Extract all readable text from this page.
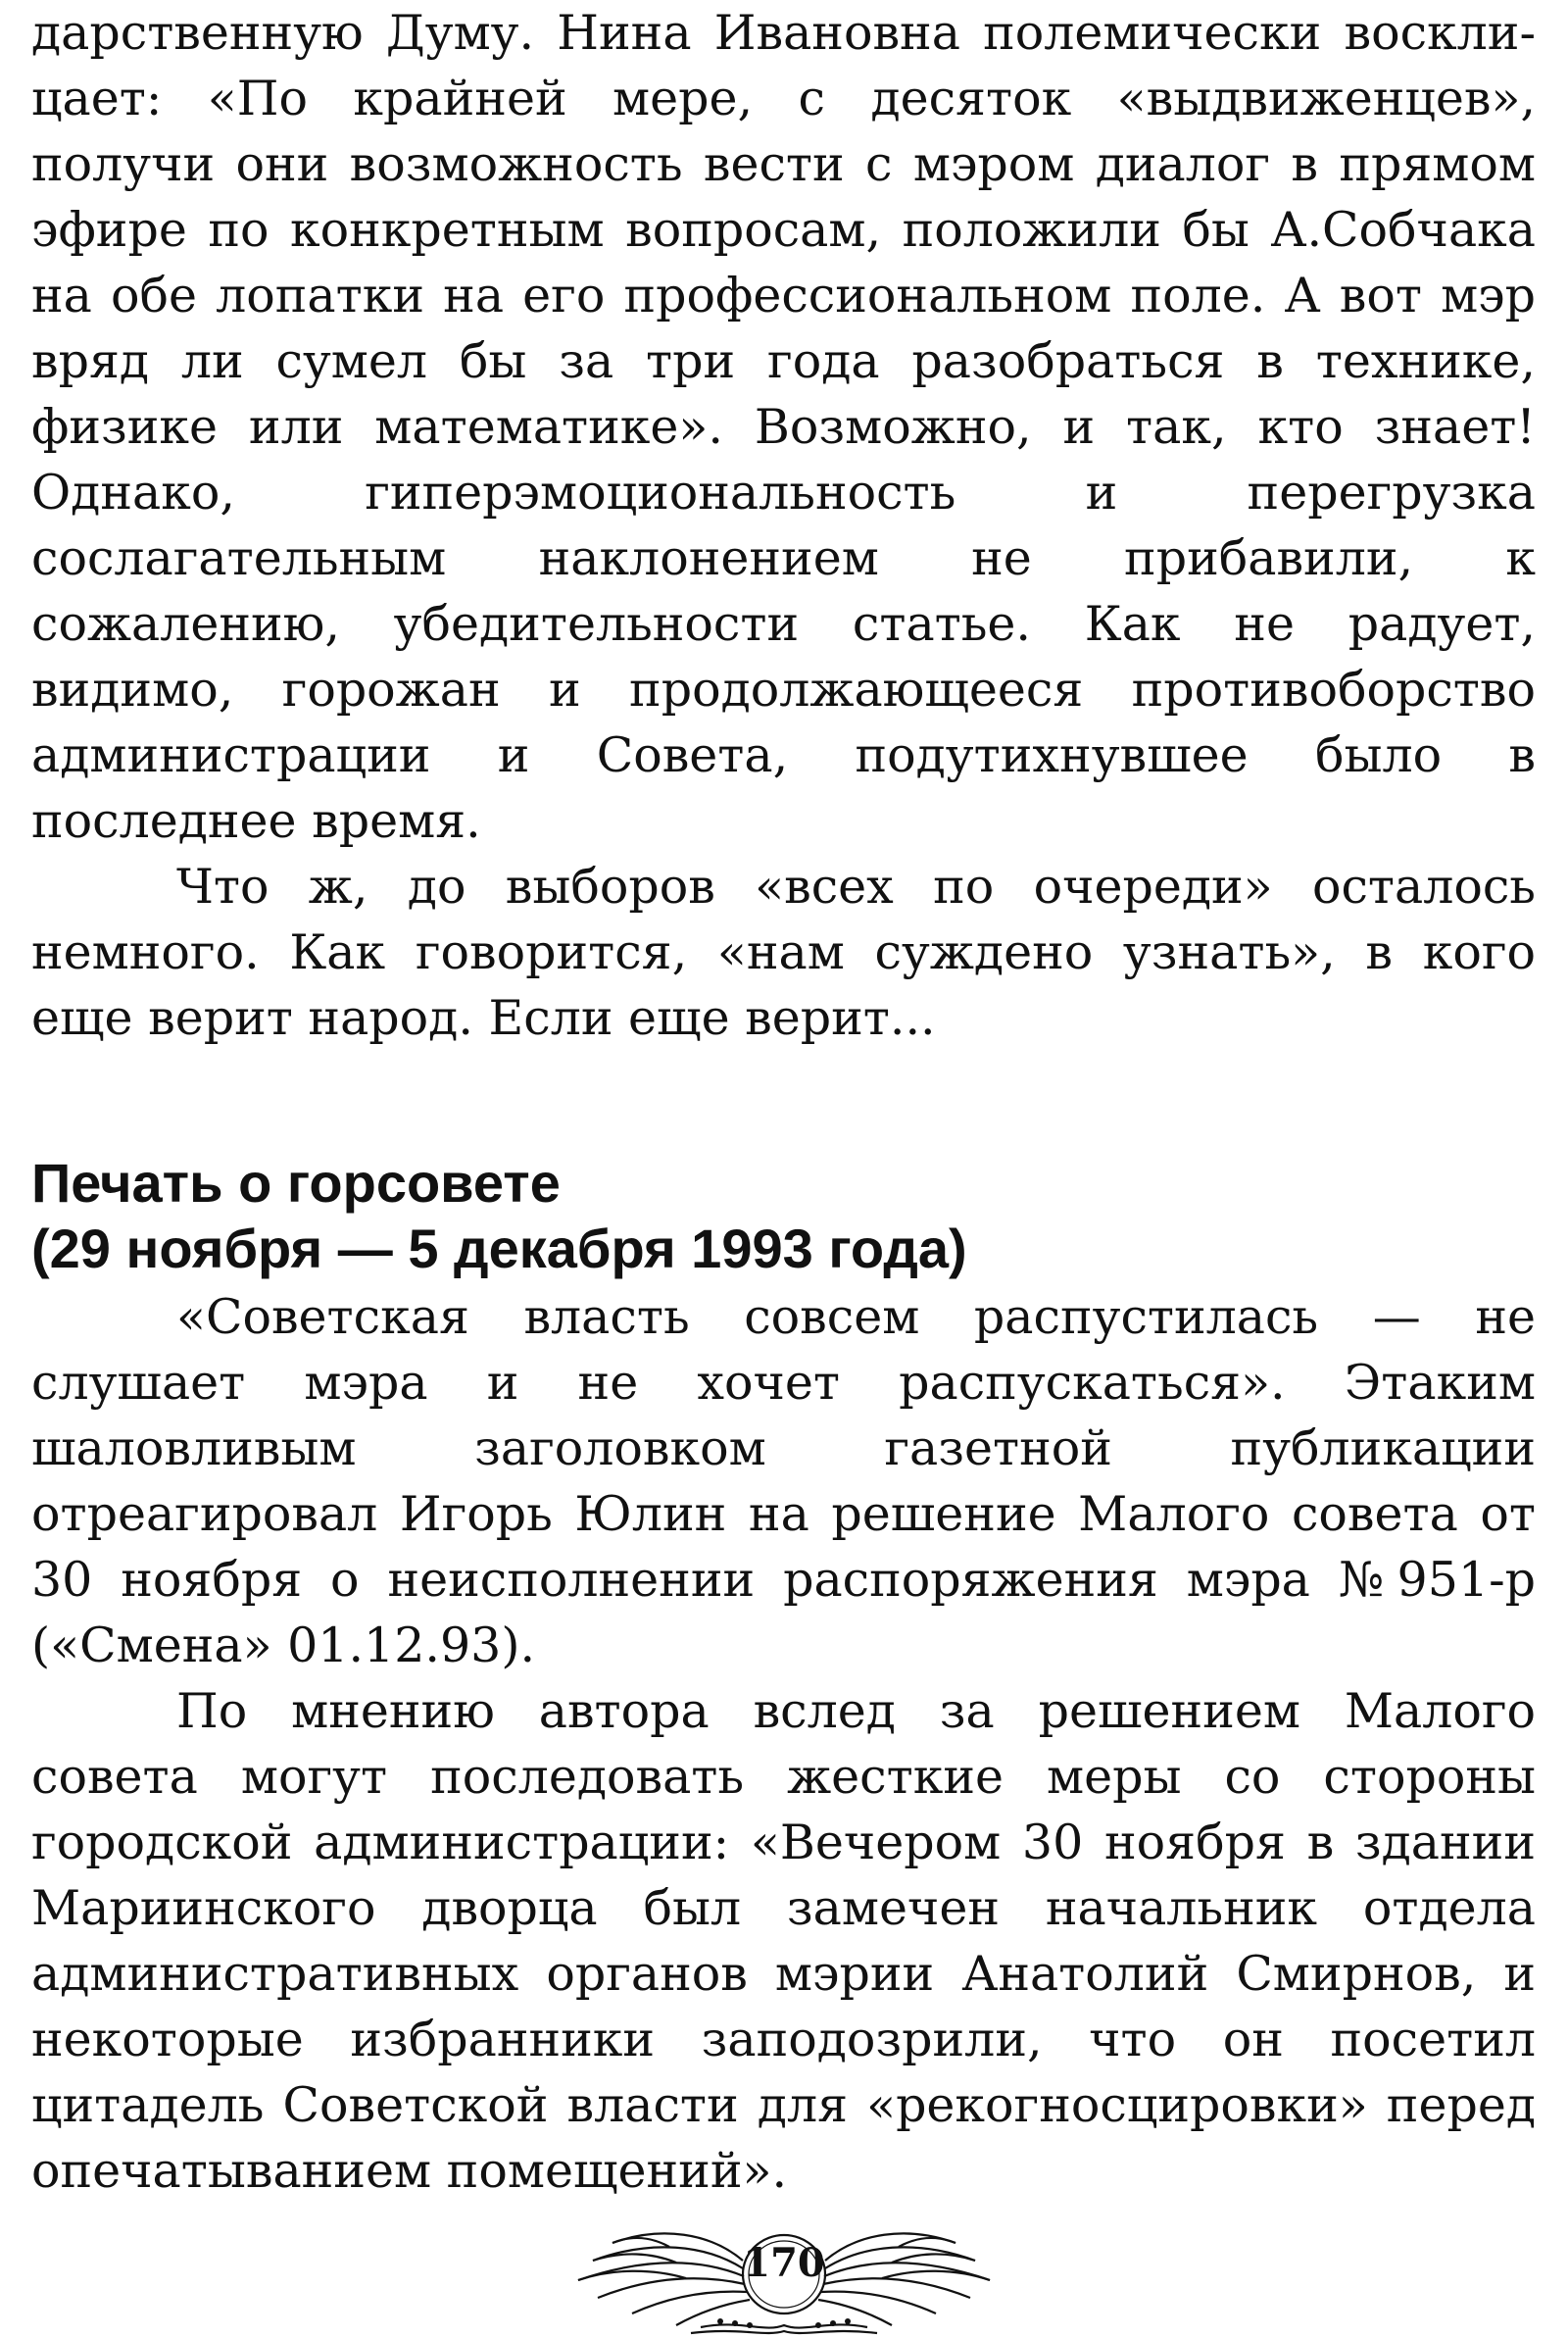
дарственную Думу. Нина Ивановна полемически восклицает: «По крайней мере, с десяток «выдвиженцев», получи они возможность вести с мэром диалог в прямом эфире по конкретным вопросам, положили бы А.Собчака на обе лопатки на его профессиональном поле. А вот мэр вряд ли сумел бы за три года разобраться в технике, физике или математике». Возможно, и так, кто знает! Однако, гиперэмоциональность и перегрузка сослагательным наклонением не прибавили, к сожалению, убедительности статье. Как не радует, видимо, горожан и продолжающееся противоборство администрации и Совета, подутихнувшее было в последнее время.

Что ж, до выборов «всех по очереди» осталось немного. Как говорится, «нам суждено узнать», в кого еще верит народ. Если еще верит...

Печать о горсовете
(29 ноября — 5 декабря 1993 года)

«Советская власть совсем распустилась — не слушает мэра и не хочет распускаться». Этаким шаловливым заголовком газетной публикации отреагировал Игорь Юлин на решение Малого совета от 30 ноября о неисполнении распоряжения мэра №951-р («Смена» 01.12.93).

По мнению автора вслед за решением Малого совета могут последовать жесткие меры со стороны городской администрации: «Вечером 30 ноября в здании Мариинского дворца был замечен начальник отдела административных органов мэрии Анатолий Смирнов, и некоторые избранники заподозрили, что он посетил цитадель Советской власти для «рекогносцировки» перед опечатыванием помещений».

170
